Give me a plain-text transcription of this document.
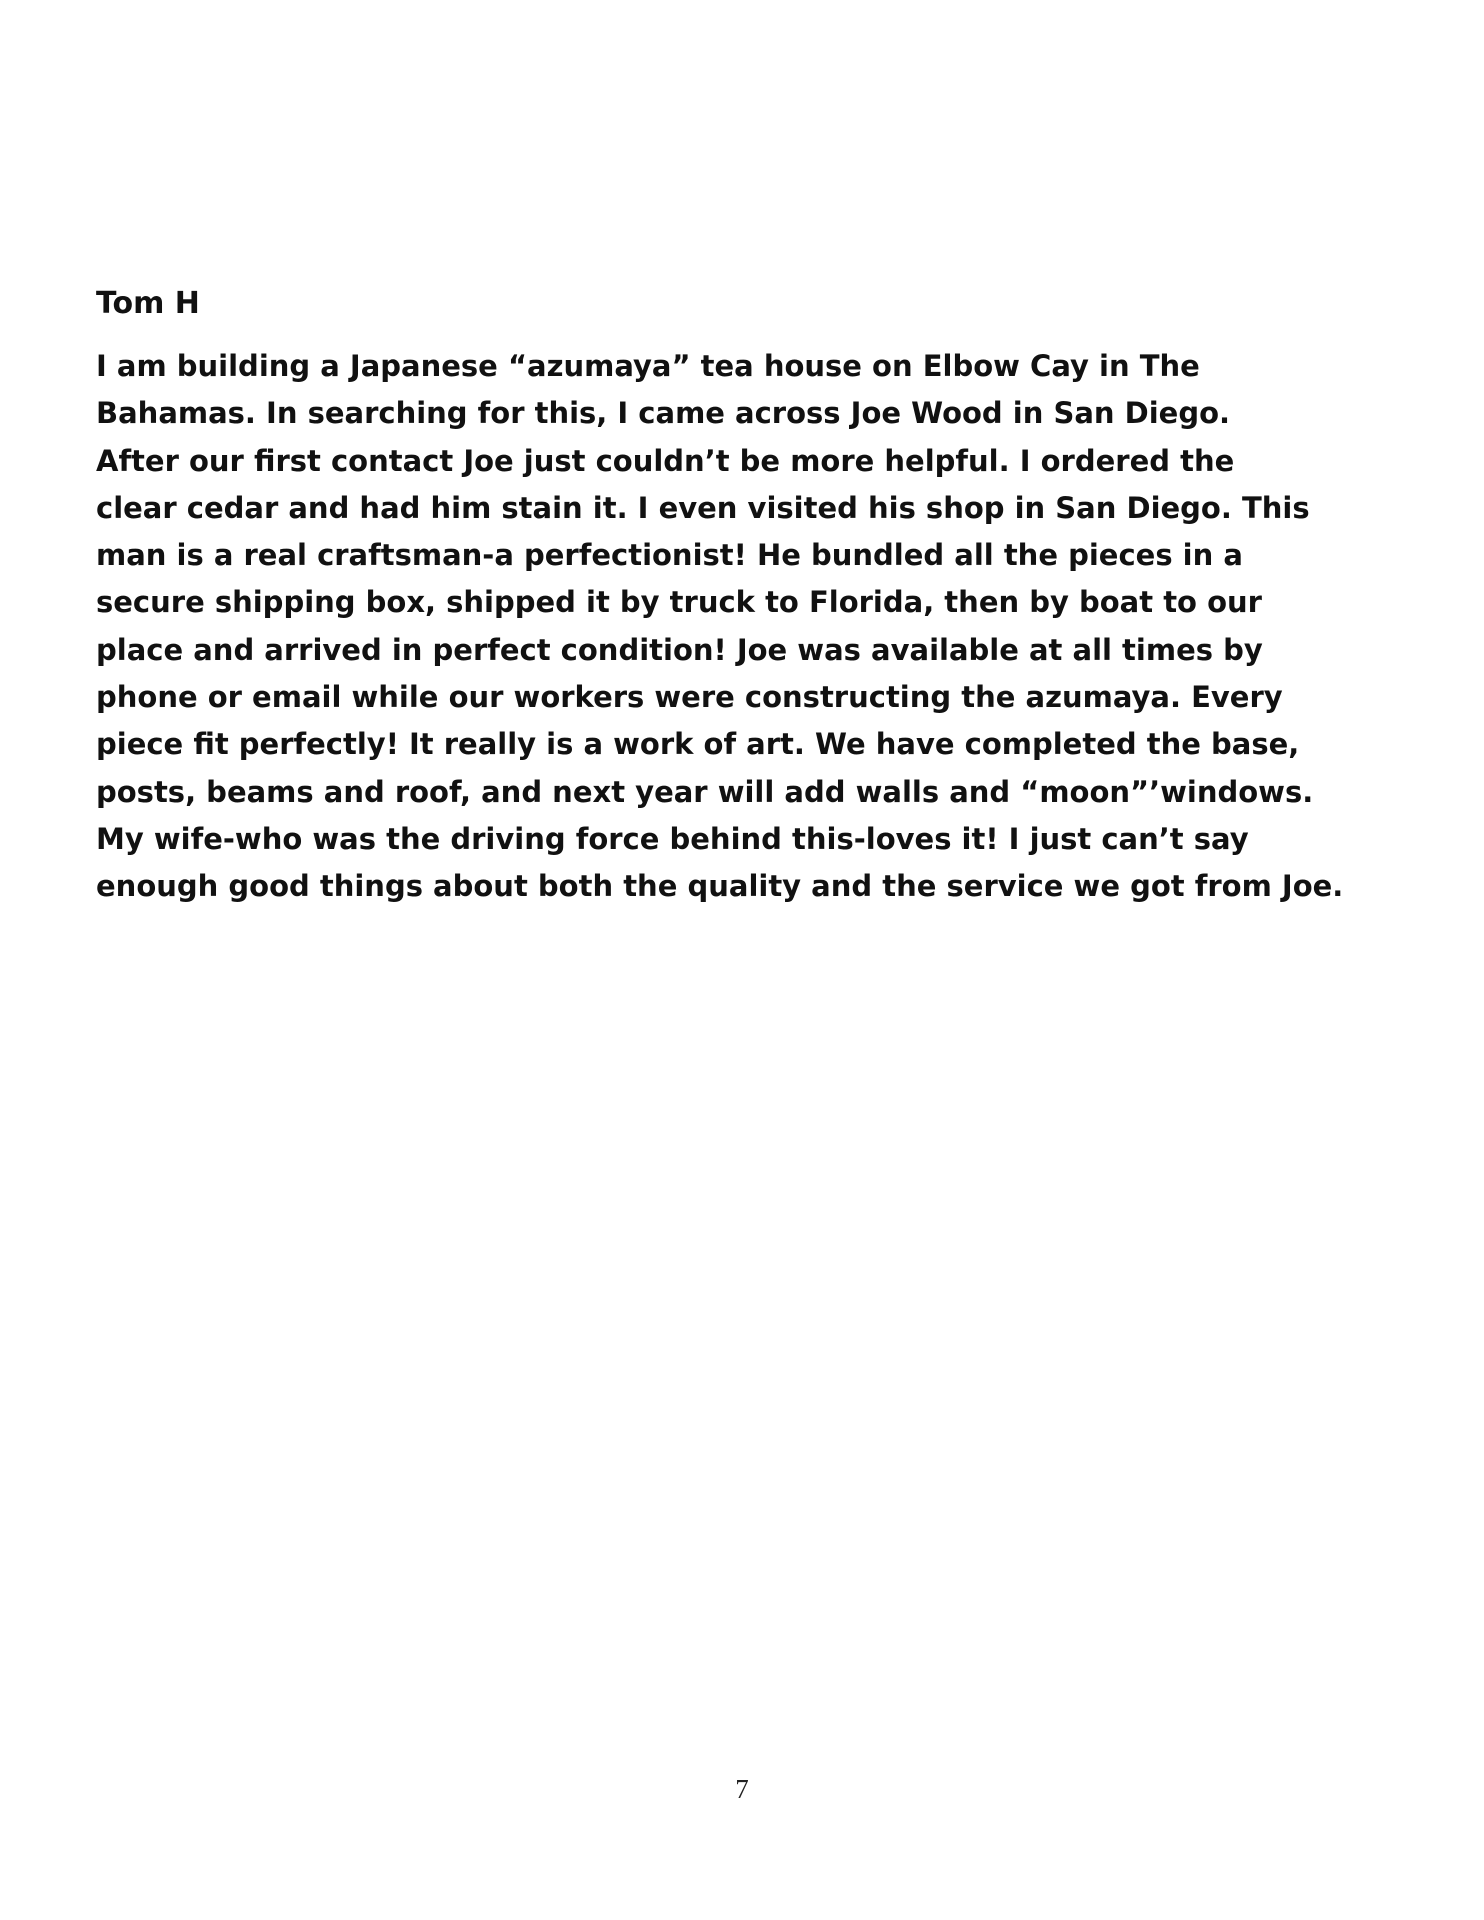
Tom H

I am building a Japanese “azumaya” tea house on Elbow Cay in The
Bahamas. In searching for this, I came across Joe Wood in San Diego.
After our first contact Joe just couldn’t be more helpful. I ordered the
clear cedar and had him stain it. I even visited his shop in San Diego. This
man is a real craftsman-a perfectionist! He bundled all the pieces in a
secure shipping box, shipped it by truck to Florida, then by boat to our
place and arrived in perfect condition! Joe was available at all times by
phone or email while our workers were constructing the azumaya. Every
piece fit perfectly! It really is a work of art. We have completed the base,
posts, beams and roof, and next year will add walls and “moon”’windows.
My wife-who was the driving force behind this-loves it! I just can’t say
enough good things about both the quality and the service we got from Joe.

7
